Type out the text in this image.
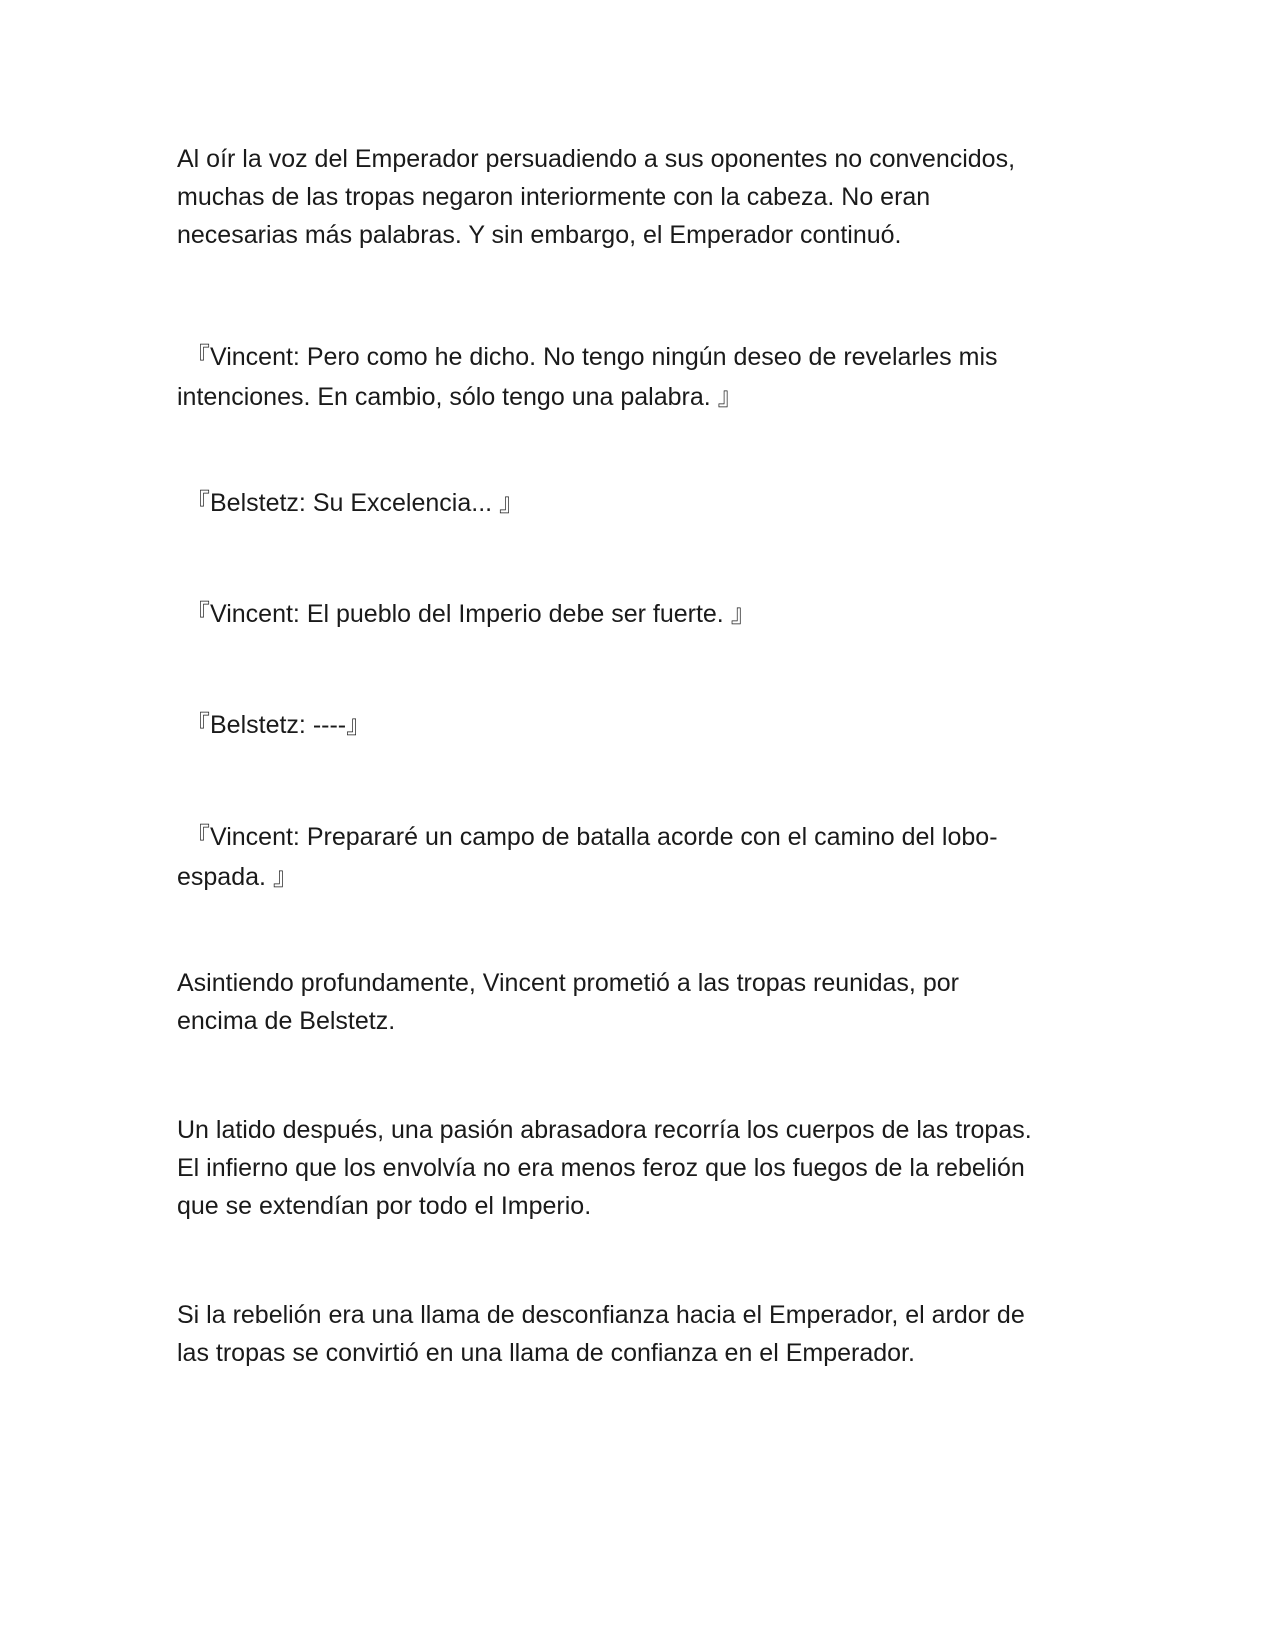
Al oír la voz del Emperador persuadiendo a sus oponentes no convencidos,
muchas de las tropas negaron interiormente con la cabeza. No eran
necesarias más palabras. Y sin embargo, el Emperador continuó.

『Vincent: Pero como he dicho. No tengo ningún deseo de revelarles mis
intenciones. En cambio, sólo tengo una palabra. 』

『Belstetz: Su Excelencia... 』

『Vincent: El pueblo del Imperio debe ser fuerte. 』

『Belstetz: ----』

『Vincent: Prepararé un campo de batalla acorde con el camino del lobo-
espada. 』

Asintiendo profundamente, Vincent prometió a las tropas reunidas, por
encima de Belstetz.

Un latido después, una pasión abrasadora recorría los cuerpos de las tropas.
El infierno que los envolvía no era menos feroz que los fuegos de la rebelión
que se extendían por todo el Imperio.

Si la rebelión era una llama de desconfianza hacia el Emperador, el ardor de
las tropas se convirtió en una llama de confianza en el Emperador.
